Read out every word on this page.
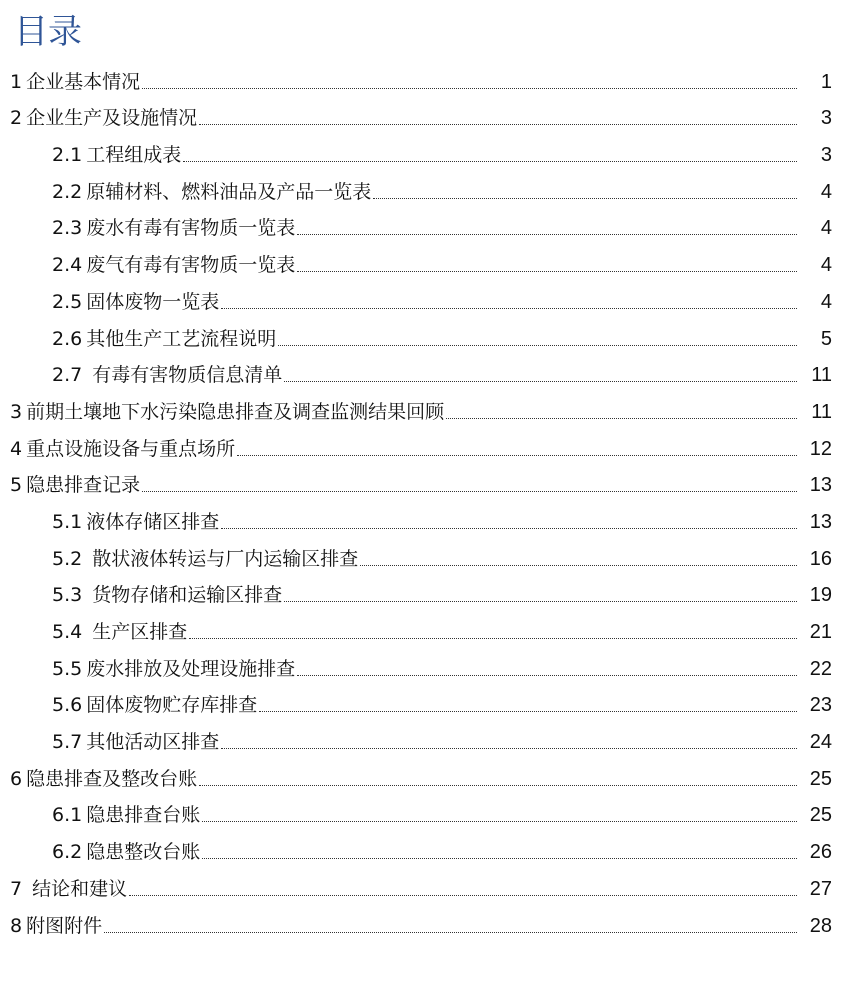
目录
1 企业基本情况	1
2 企业生产及设施情况	3
2.1 工程组成表	3
2.2 原辅材料、燃料油品及产品一览表	4
2.3 废水有毒有害物质一览表	4
2.4 废气有毒有害物质一览表	4
2.5 固体废物一览表	4
2.6 其他生产工艺流程说明	5
2.7 有毒有害物质信息清单	11
3 前期土壤地下水污染隐患排查及调查监测结果回顾	11
4 重点设施设备与重点场所	12
5 隐患排查记录	13
5.1 液体存储区排查	13
5.2 散状液体转运与厂内运输区排查	16
5.3 货物存储和运输区排查	19
5.4 生产区排查	21
5.5 废水排放及处理设施排查	22
5.6 固体废物贮存库排查	23
5.7 其他活动区排查	24
6 隐患排查及整改台账	25
6.1 隐患排查台账	25
6.2 隐患整改台账	26
7 结论和建议	27
8 附图附件	28
